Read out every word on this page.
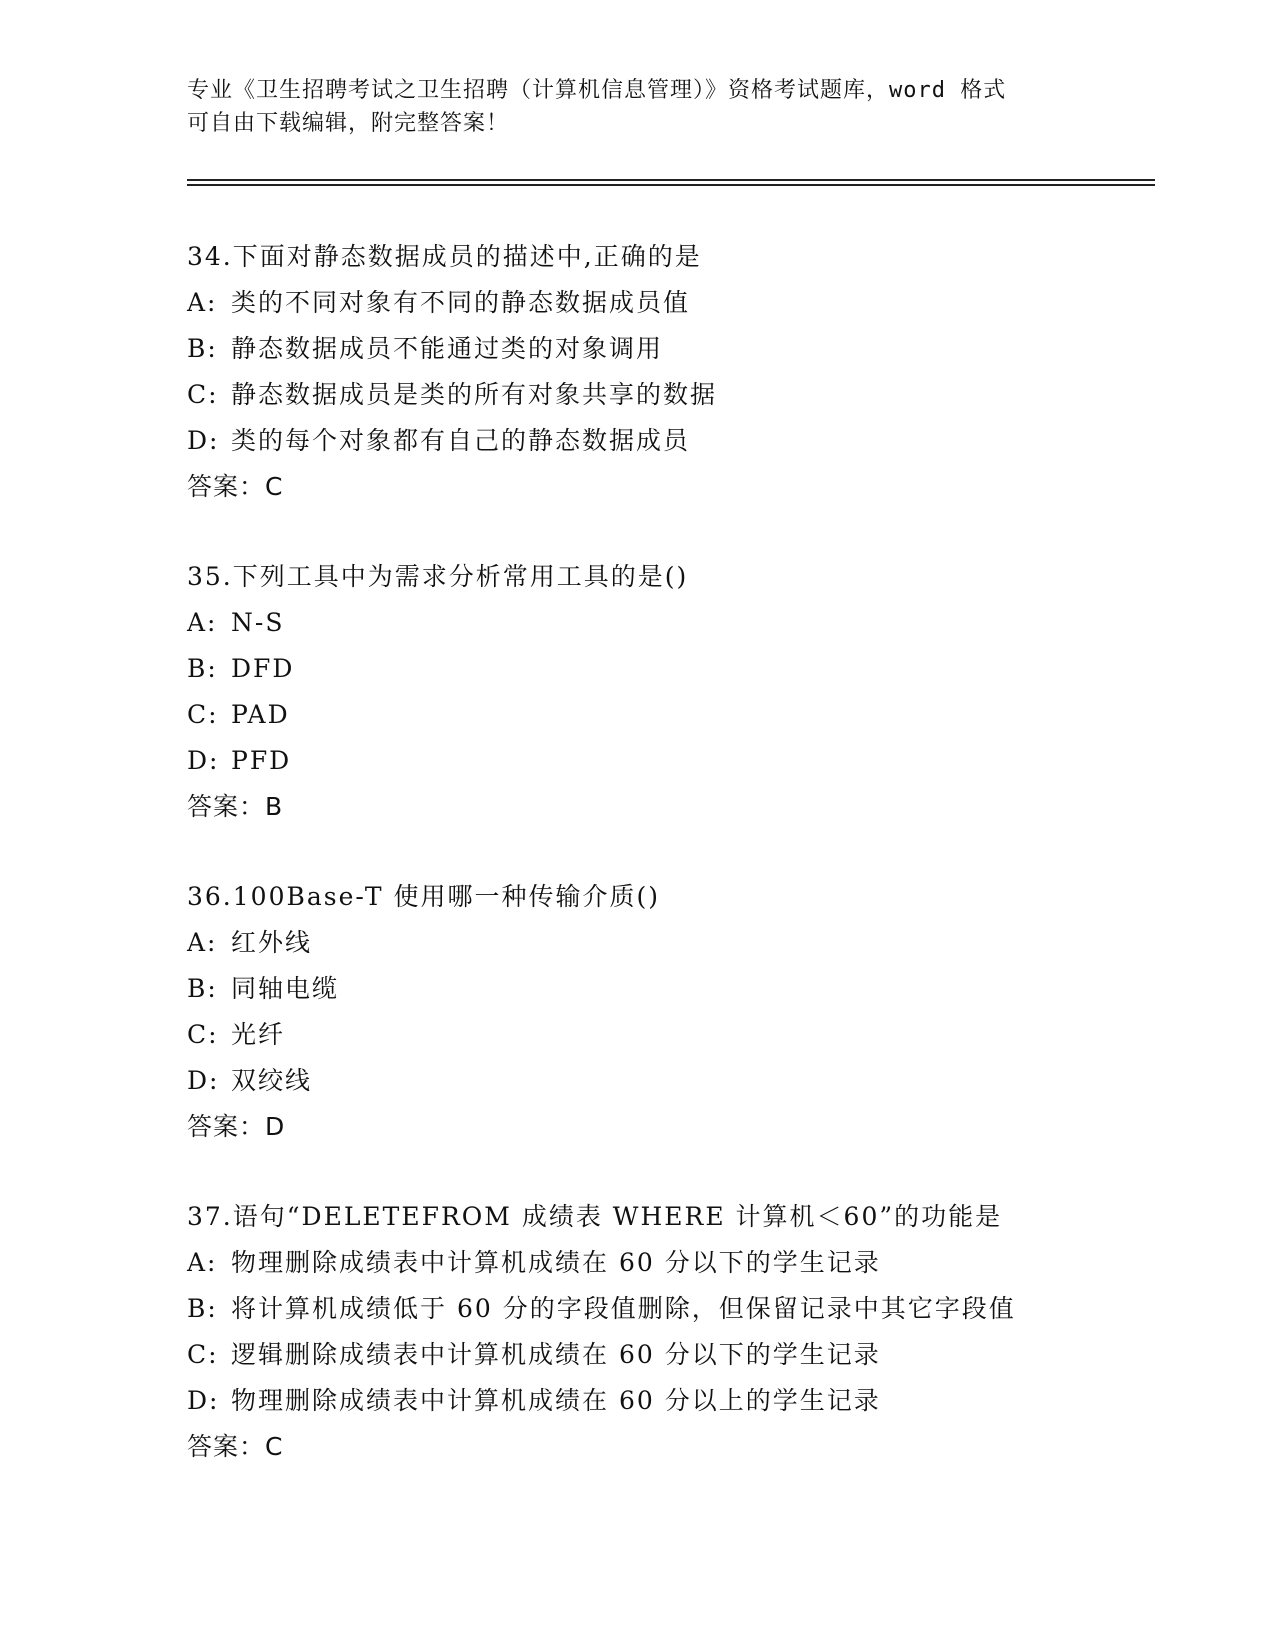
专业《卫生招聘考试之卫生招聘（计算机信息管理）》资格考试题库，word 格式
可自由下载编辑，附完整答案！
34.下面对静态数据成员的描述中,正确的是
A: 类的不同对象有不同的静态数据成员值
B: 静态数据成员不能通过类的对象调用
C: 静态数据成员是类的所有对象共享的数据
D: 类的每个对象都有自己的静态数据成员
答案：C
35.下列工具中为需求分析常用工具的是()
A: N-S
B: DFD
C: PAD
D: PFD
答案：B
36.100Base-T 使用哪一种传输介质()
A: 红外线
B: 同轴电缆
C: 光纤
D: 双绞线
答案：D
37.语句“DELETEFROM 成绩表 WHERE 计算机＜60”的功能是
A: 物理删除成绩表中计算机成绩在 60 分以下的学生记录
B: 将计算机成绩低于 60 分的字段值删除，但保留记录中其它字段值
C: 逻辑删除成绩表中计算机成绩在 60 分以下的学生记录
D: 物理删除成绩表中计算机成绩在 60 分以上的学生记录
答案：C
